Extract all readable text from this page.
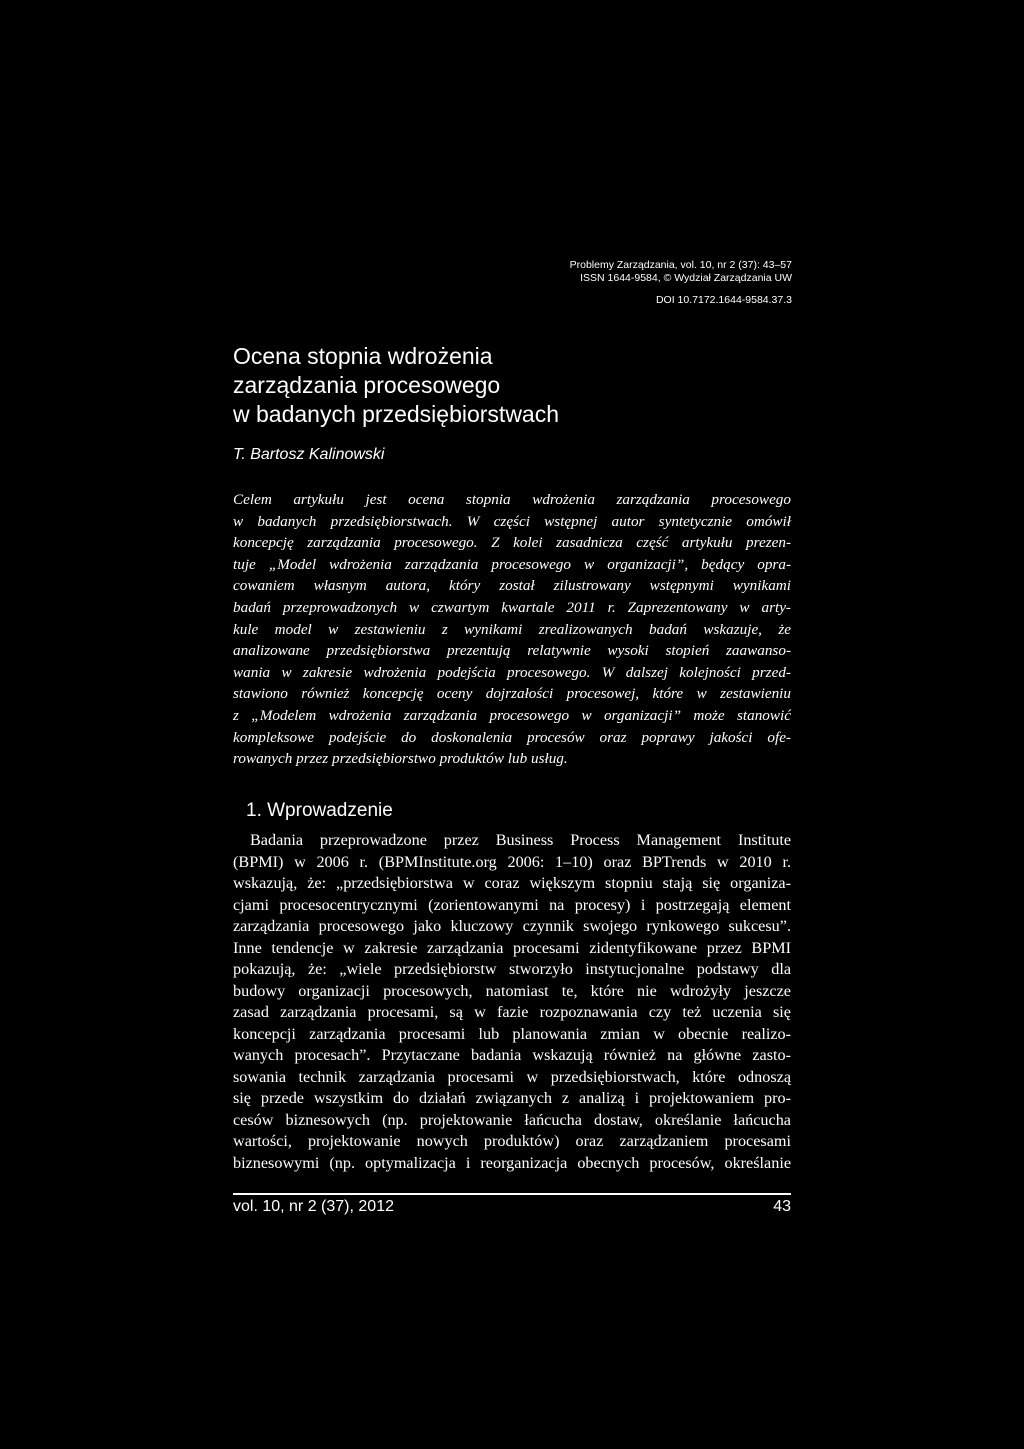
Problemy Zarządzania, vol. 10, nr 2 (37): 43–57
ISSN 1644-9584, © Wydział Zarządzania UW
DOI 10.7172.1644-9584.37.3
Ocena stopnia wdrożenia
zarządzania procesowego
w badanych przedsiębiorstwach
T. Bartosz Kalinowski
Celem artykułu jest ocena stopnia wdrożenia zarządzania procesowego
w badanych przedsiębiorstwach. W części wstępnej autor syntetycznie omówił
koncepcję zarządzania procesowego. Z kolei zasadnicza część artykułu prezen-
tuje „Model wdrożenia zarządzania procesowego w organizacji”, będący opra-
cowaniem własnym autora, który został zilustrowany wstępnymi wynikami
badań przeprowadzonych w czwartym kwartale 2011 r. Zaprezentowany w arty-
kule model w zestawieniu z wynikami zrealizowanych badań wskazuje, że
analizowane przedsiębiorstwa prezentują relatywnie wysoki stopień zaawanso-
wania w zakresie wdrożenia podejścia procesowego. W dalszej kolejności przed-
stawiono również koncepcję oceny dojrzałości procesowej, które w zestawieniu
z „Modelem wdrożenia zarządzania procesowego w organizacji” może stanowić
kompleksowe podejście do doskonalenia procesów oraz poprawy jakości ofe-
rowanych przez przedsiębiorstwo produktów lub usług.
1. Wprowadzenie
Badania przeprowadzone przez Business Process Management Institute
(BPMI) w 2006 r. (BPMInstitute.org 2006: 1–10) oraz BPTrends w 2010 r.
wskazują, że: „przedsiębiorstwa w coraz większym stopniu stają się organiza-
cjami procesocentrycznymi (zorientowanymi na procesy) i postrzegają element
zarządzania procesowego jako kluczowy czynnik swojego rynkowego sukcesu”.
Inne tendencje w zakresie zarządzania procesami zidentyfikowane przez BPMI
pokazują, że: „wiele przedsiębiorstw stworzyło instytucjonalne podstawy dla
budowy organizacji procesowych, natomiast te, które nie wdrożyły jeszcze
zasad zarządzania procesami, są w fazie rozpoznawania czy też uczenia się
koncepcji zarządzania procesami lub planowania zmian w obecnie realizo-
wanych procesach”. Przytaczane badania wskazują również na główne zasto-
sowania technik zarządzania procesami w przedsiębiorstwach, które odnoszą
się przede wszystkim do działań związanych z analizą i projektowaniem pro-
cesów biznesowych (np. projektowanie łańcucha dostaw, określanie łańcucha
wartości, projektowanie nowych produktów) oraz zarządzaniem procesami
biznesowymi (np. optymalizacja i reorganizacja obecnych procesów, określanie
vol. 10, nr 2 (37), 2012	43
